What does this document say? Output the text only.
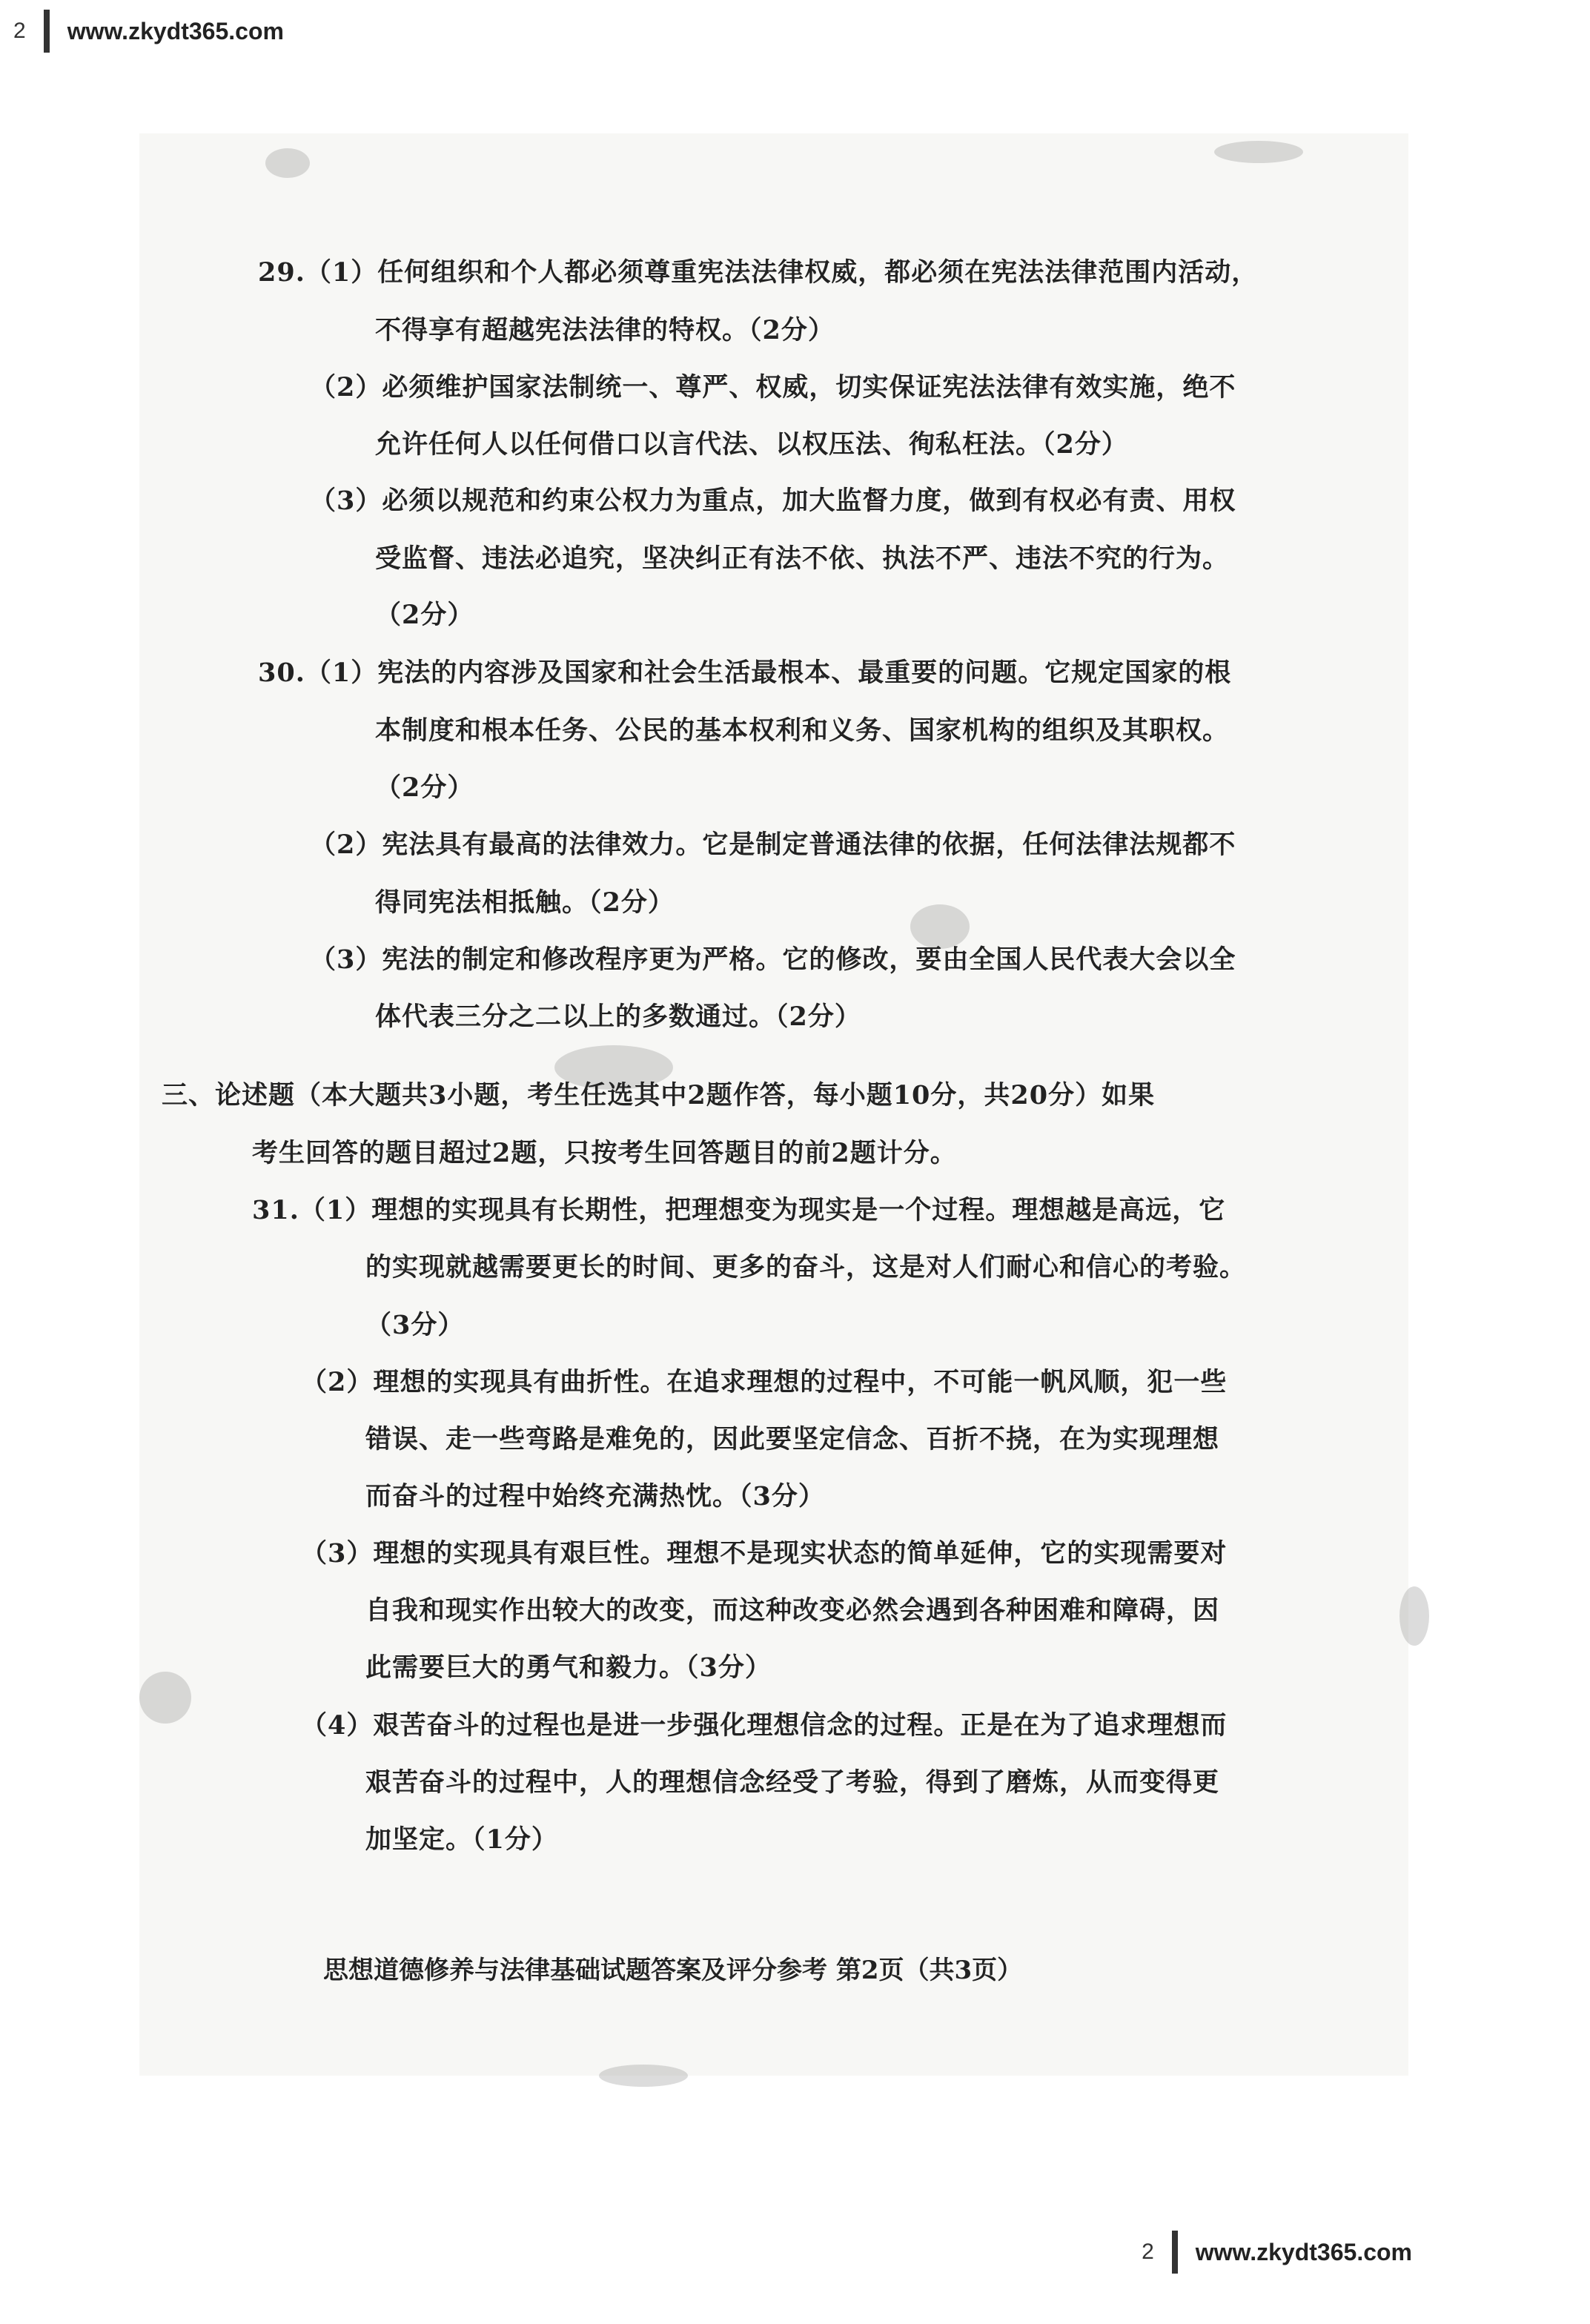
2 www.zkydt365.com
29.（1）任何组织和个人都必须尊重宪法法律权威，都必须在宪法法律范围内活动，
不得享有超越宪法法律的特权。（2分）
（2）必须维护国家法制统一、尊严、权威，切实保证宪法法律有效实施，绝不
允许任何人以任何借口以言代法、以权压法、徇私枉法。（2分）
（3）必须以规范和约束公权力为重点，加大监督力度，做到有权必有责、用权
受监督、违法必追究，坚决纠正有法不依、执法不严、违法不究的行为。
（2分）
30.（1）宪法的内容涉及国家和社会生活最根本、最重要的问题。它规定国家的根
本制度和根本任务、公民的基本权利和义务、国家机构的组织及其职权。
（2分）
（2）宪法具有最高的法律效力。它是制定普通法律的依据，任何法律法规都不
得同宪法相抵触。（2分）
（3）宪法的制定和修改程序更为严格。它的修改，要由全国人民代表大会以全
体代表三分之二以上的多数通过。（2分）
三、论述题（本大题共3小题，考生任选其中2题作答，每小题10分，共20分）如果
考生回答的题目超过2题，只按考生回答题目的前2题计分。
31.（1）理想的实现具有长期性，把理想变为现实是一个过程。理想越是高远，它
的实现就越需要更长的时间、更多的奋斗，这是对人们耐心和信心的考验。
（3分）
（2）理想的实现具有曲折性。在追求理想的过程中，不可能一帆风顺，犯一些
错误、走一些弯路是难免的，因此要坚定信念、百折不挠，在为实现理想
而奋斗的过程中始终充满热忱。（3分）
（3）理想的实现具有艰巨性。理想不是现实状态的简单延伸，它的实现需要对
自我和现实作出较大的改变，而这种改变必然会遇到各种困难和障碍，因
此需要巨大的勇气和毅力。（3分）
（4）艰苦奋斗的过程也是进一步强化理想信念的过程。正是在为了追求理想而
艰苦奋斗的过程中，人的理想信念经受了考验，得到了磨炼，从而变得更
加坚定。（1分）
思想道德修养与法律基础试题答案及评分参考 第2页（共3页）
2 www.zkydt365.com
